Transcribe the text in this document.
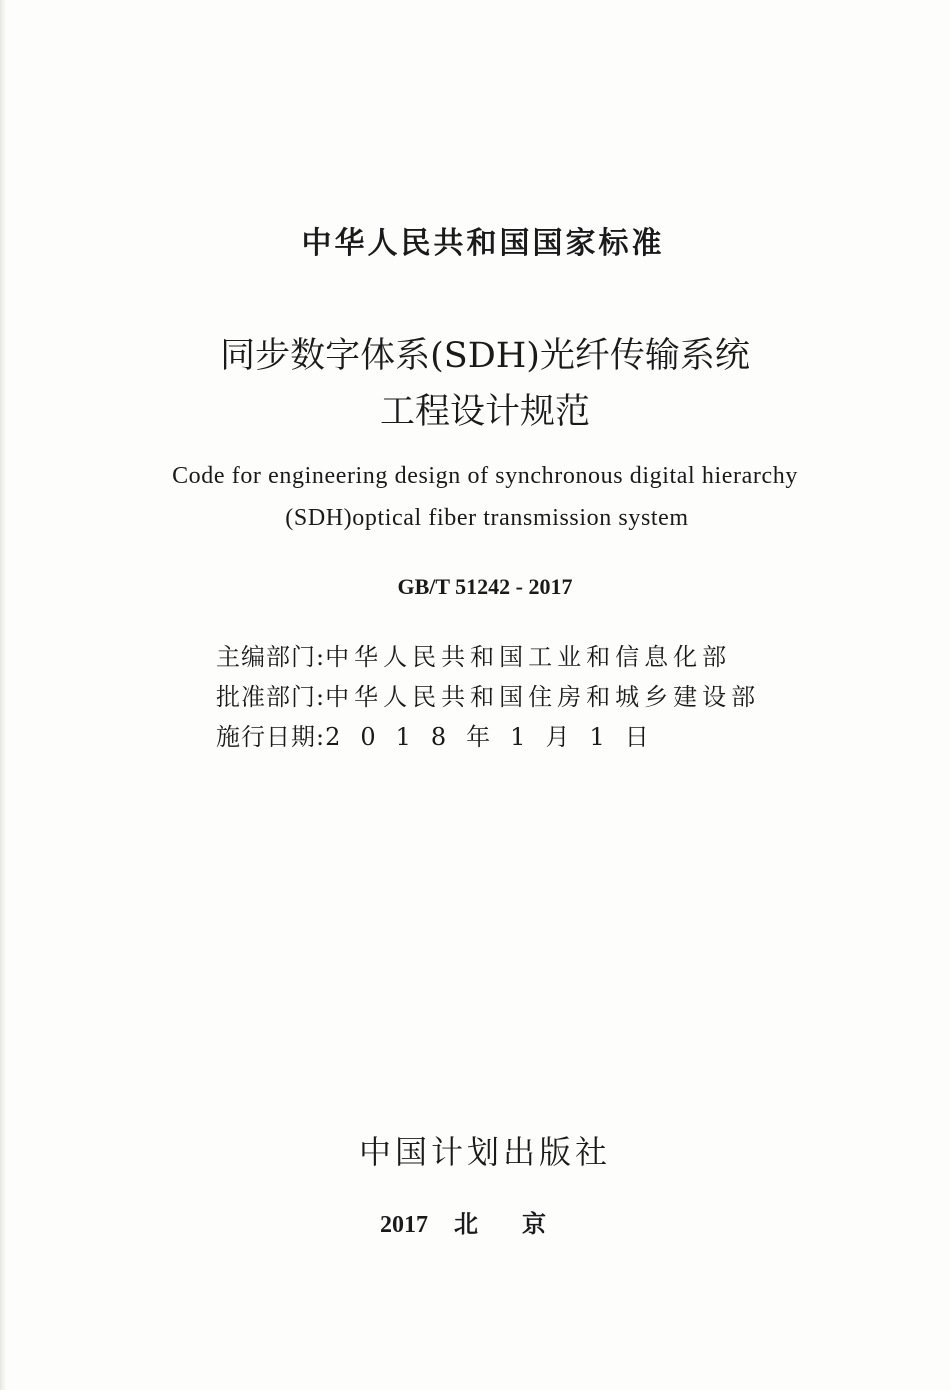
中华人民共和国国家标准
同步数字体系(SDH)光纤传输系统
工程设计规范
Code for engineering design of synchronous digital hierarchy
(SDH)optical fiber transmission system
GB/T 51242 - 2017
主编部门: 中华人民共和国工业和信息化部
批准部门: 中华人民共和国住房和城乡建设部
施行日期: 2018年1月1日
中国计划出版社
2017 北京
